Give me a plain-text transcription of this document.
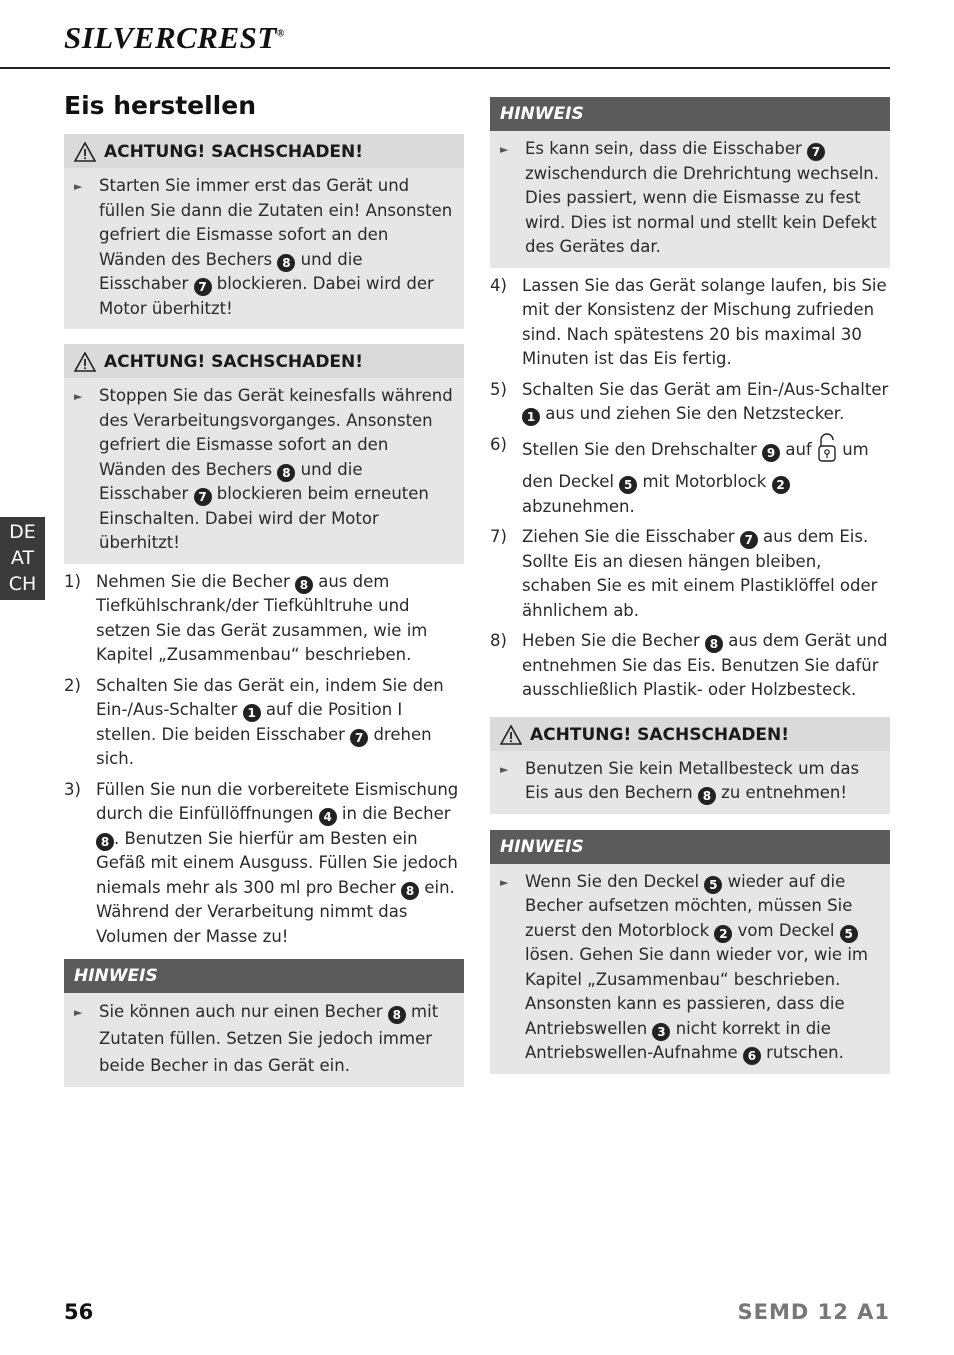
SILVERCREST®
Eis herstellen
ACHTUNG! SACHSCHADEN!
►	Starten Sie immer erst das Gerät und füllen Sie dann die Zutaten ein! Ansonsten gefriert die Eismasse sofort an den Wänden des Bechers 8 und die Eisschaber 7 blockieren. Dabei wird der Motor überhitzt!
ACHTUNG! SACHSCHADEN!
►	Stoppen Sie das Gerät keinesfalls während des Verarbeitungsvorganges. Ansonsten gefriert die Eismasse sofort an den Wänden des Bechers 8 und die Eisschaber 7 blockieren beim erneuten Einschalten. Dabei wird der Motor überhitzt!
1) Nehmen Sie die Becher 8 aus dem Tiefkühlschrank/der Tiefkühltruhe und setzen Sie das Gerät zusammen, wie im Kapitel „Zusammenbau“ beschrieben.
2) Schalten Sie das Gerät ein, indem Sie den Ein-/Aus-Schalter 1 auf die Position I stellen. Die beiden Eisschaber 7 drehen sich.
3) Füllen Sie nun die vorbereitete Eismischung durch die Einfüllöffnungen 4 in die Becher 8 . Benutzen Sie hierfür am Besten ein Gefäß mit einem Ausguss. Füllen Sie jedoch niemals mehr als 300 ml pro Becher 8 ein. Während der Verarbeitung nimmt das Volumen der Masse zu!
HINWEIS
►	Sie können auch nur einen Becher 8 mit Zutaten füllen. Setzen Sie jedoch immer beide Becher in das Gerät ein.
HINWEIS
►	Es kann sein, dass die Eisschaber 7 zwischendurch die Drehrichtung wechseln. Dies passiert, wenn die Eismasse zu fest wird. Dies ist normal und stellt kein Defekt des Gerätes dar.
4) Lassen Sie das Gerät solange laufen, bis Sie mit der Konsistenz der Mischung zufrieden sind. Nach spätestens 20 bis maximal 30 Minuten ist das Eis fertig.
5) Schalten Sie das Gerät am Ein-/Aus-Schalter 1 aus und ziehen Sie den Netzstecker.
6) Stellen Sie den Drehschalter 9 auf  um den Deckel 5 mit Motorblock 2 abzunehmen.
7) Ziehen Sie die Eisschaber 7 aus dem Eis. Sollte Eis an diesen hängen bleiben, schaben Sie es mit einem Plastiklöffel oder ähnlichem ab.
8) Heben Sie die Becher 8 aus dem Gerät und entnehmen Sie das Eis. Benutzen Sie dafür ausschließlich Plastik- oder Holzbesteck.
ACHTUNG! SACHSCHADEN!
►	Benutzen Sie kein Metallbesteck um das Eis aus den Bechern 8 zu entnehmen!
HINWEIS
►	Wenn Sie den Deckel 5 wieder auf die Becher aufsetzen möchten, müssen Sie zuerst den Motorblock 2 vom Deckel 5 lösen. Gehen Sie dann wieder vor, wie im Kapitel „Zusammenbau“ beschrieben. Ansonsten kann es passieren, dass die Antriebswellen 3 nicht korrekt in die Antriebswellen-Aufnahme 6 rutschen.
DE
AT
CH
56	SEMD 12 A1
